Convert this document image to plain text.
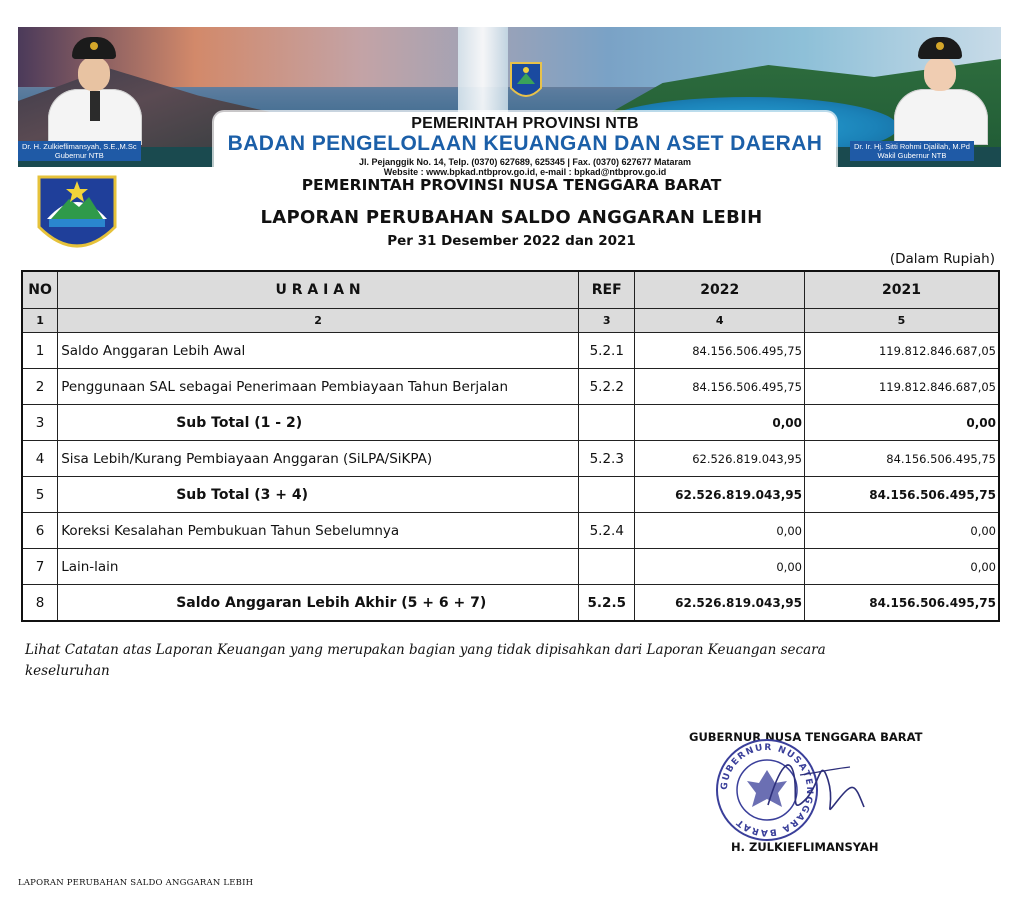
PEMERINTAH PROVINSI NTB
BADAN PENGELOLAAN KEUANGAN DAN ASET DAERAH
Jl. Pejanggik No. 14, Telp. (0370) 627689, 625345 | Fax. (0370) 627677 Mataram
Website : www.bpkad.ntbprov.go.id, e-mail : bpkad@ntbprov.go.id
Dr. H. Zulkieflimansyah, S.E.,M.Sc
Gubernur NTB
Dr. Ir. Hj. Sitti Rohmi Djalilah, M.Pd
Wakil Gubernur NTB
PEMERINTAH PROVINSI NUSA TENGGARA BARAT
LAPORAN PERUBAHAN SALDO ANGGARAN LEBIH
Per 31 Desember 2022 dan 2021
(Dalam Rupiah)
NO	U R A I A N	REF	2022	2021
1	2	3	4	5
1	Saldo Anggaran Lebih Awal	5.2.1	84.156.506.495,75	119.812.846.687,05
2	Penggunaan SAL sebagai Penerimaan Pembiayaan Tahun Berjalan	5.2.2	84.156.506.495,75	119.812.846.687,05
3	Sub Total (1 - 2)		0,00	0,00
4	Sisa Lebih/Kurang Pembiayaan Anggaran (SiLPA/SiKPA)	5.2.3	62.526.819.043,95	84.156.506.495,75
5	Sub Total (3 + 4)		62.526.819.043,95	84.156.506.495,75
6	Koreksi Kesalahan Pembukuan Tahun Sebelumnya	5.2.4	0,00	0,00
7	Lain-lain		0,00	0,00
8	Saldo Anggaran Lebih Akhir (5 + 6 + 7)	5.2.5	62.526.819.043,95	84.156.506.495,75
Lihat Catatan atas Laporan Keuangan yang merupakan bagian yang tidak dipisahkan dari Laporan Keuangan secara keseluruhan
GUBERNUR NUSA TENGGARA BARAT
GUBERNUR NUSATENGGARA BARAT
H. ZULKIEFLIMANSYAH
LAPORAN PERUBAHAN SALDO ANGGARAN LEBIH
